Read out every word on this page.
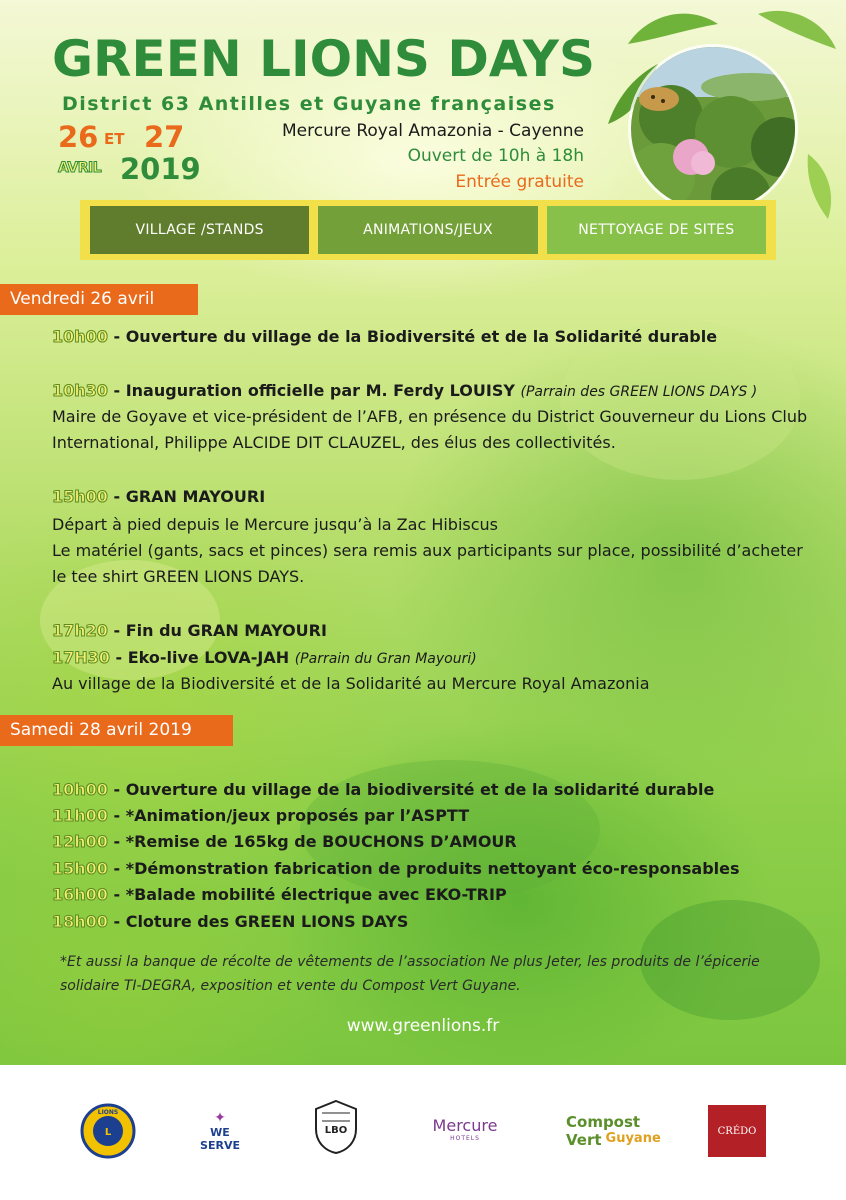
GREEN LIONS DAYS
District 63 Antilles et Guyane françaises
26 ET 27
AVRIL 2019
Mercure Royal Amazonia - Cayenne
Ouvert de 10h à 18h
Entrée gratuite
VILLAGE /STANDS	ANIMATIONS/JEUX	NETTOYAGE DE SITES
Vendredi 26 avril
10h00 - Ouverture du village de la Biodiversité et de la Solidarité durable
10h30 - Inauguration officielle par M. Ferdy LOUISY (Parrain des GREEN LIONS DAYS )
Maire de Goyave et vice-président de l’AFB, en présence du District Gouverneur du Lions Club International, Philippe ALCIDE DIT CLAUZEL, des élus des collectivités.
15h00 - GRAN MAYOURI
Départ à pied depuis le Mercure jusqu’à la Zac Hibiscus
Le matériel (gants, sacs et pinces) sera remis aux participants sur place, possibilité d’acheter le tee shirt GREEN LIONS DAYS.
17h20 - Fin du GRAN MAYOURI
17H30 - Eko-live LOVA-JAH (Parrain du Gran Mayouri)
Au village de la Biodiversité et de la Solidarité au Mercure Royal Amazonia
Samedi 28 avril 2019
10h00 - Ouverture du village de la biodiversité et de la solidarité durable
11h00 - *Animation/jeux proposés par l’ASPTT
12h00 - *Remise de 165kg de BOUCHONS D’AMOUR
15h00 - *Démonstration fabrication de produits nettoyant éco-responsables
16h00 - *Balade mobilité électrique avec EKO-TRIP
18h00 - Cloture des GREEN LIONS DAYS
*Et aussi la banque de récolte de vêtements de l’association Ne plus Jeter, les produits de l’épicerie solidaire TI-DEGRA, exposition et vente du Compost Vert Guyane.
www.greenlions.fr
L
LIONS	✦
WE
SERVE
LBO	Mercure
HOTELS
Compost
Vert Guyane	CRÉDO
